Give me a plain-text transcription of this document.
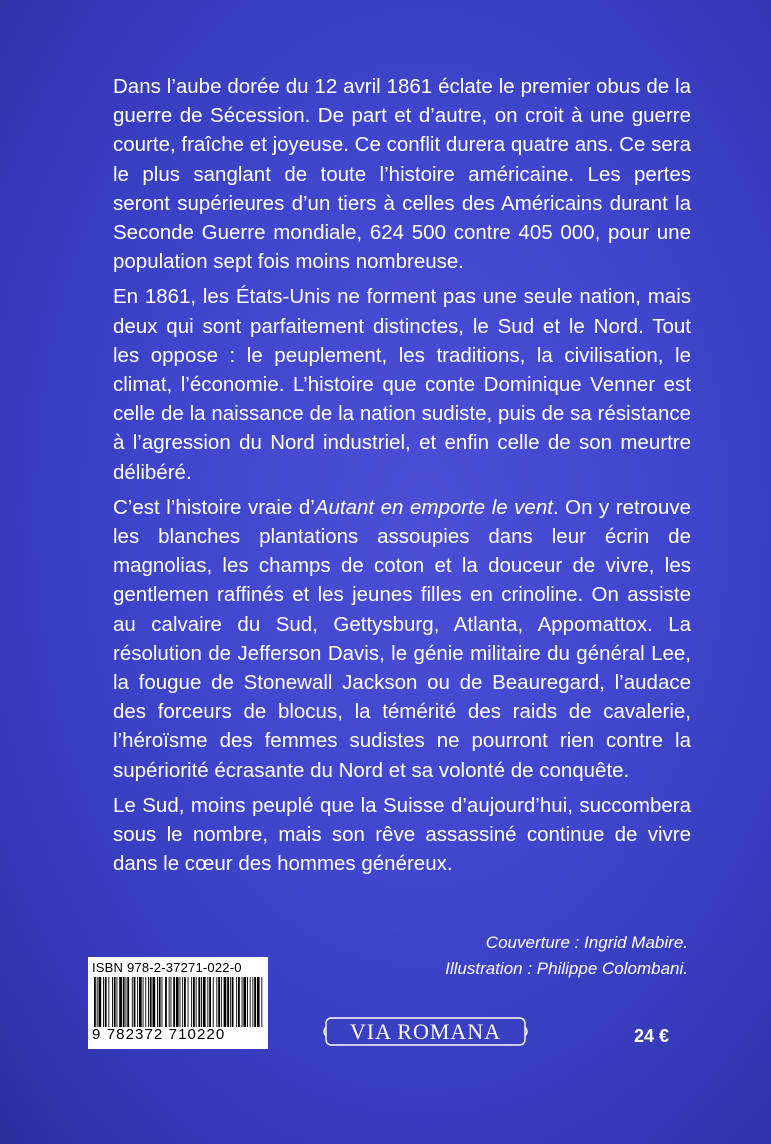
Dans l’aube dorée du 12 avril 1861 éclate le premier obus de la guerre de Sécession. De part et d’autre, on croit à une guerre courte, fraîche et joyeuse. Ce conflit durera quatre ans. Ce sera le plus sanglant de toute l’histoire américaine. Les pertes seront supérieures d’un tiers à celles des Américains durant la Seconde Guerre mondiale, 624 500 contre 405 000, pour une population sept fois moins nombreuse.

En 1861, les États-Unis ne forment pas une seule nation, mais deux qui sont parfaitement distinctes, le Sud et le Nord. Tout les oppose : le peuplement, les traditions, la civilisation, le climat, l’économie. L’histoire que conte Dominique Venner est celle de la naissance de la nation sudiste, puis de sa résistance à l’agression du Nord industriel, et enfin celle de son meurtre délibéré.

C’est l’histoire vraie d’Autant en emporte le vent. On y retrouve les blanches plantations assoupies dans leur écrin de magnolias, les champs de coton et la douceur de vivre, les gentlemen raffinés et les jeunes filles en crinoline. On assiste au calvaire du Sud, Gettysburg, Atlanta, Appomattox. La résolution de Jefferson Davis, le génie militaire du général Lee, la fougue de Stonewall Jackson ou de Beauregard, l’audace des forceurs de blocus, la témérité des raids de cavalerie, l’héroïsme des femmes sudistes ne pourront rien contre la supériorité écrasante du Nord et sa volonté de conquête.

Le Sud, moins peuplé que la Suisse d’aujourd’hui, succombera sous le nombre, mais son rêve assassiné continue de vivre dans le cœur des hommes généreux.

Couverture : Ingrid Mabire.
Illustration : Philippe Colombani.
ISBN 978-2-37271-022-0
9 782372 710220	VIA ROMANA	24 €
